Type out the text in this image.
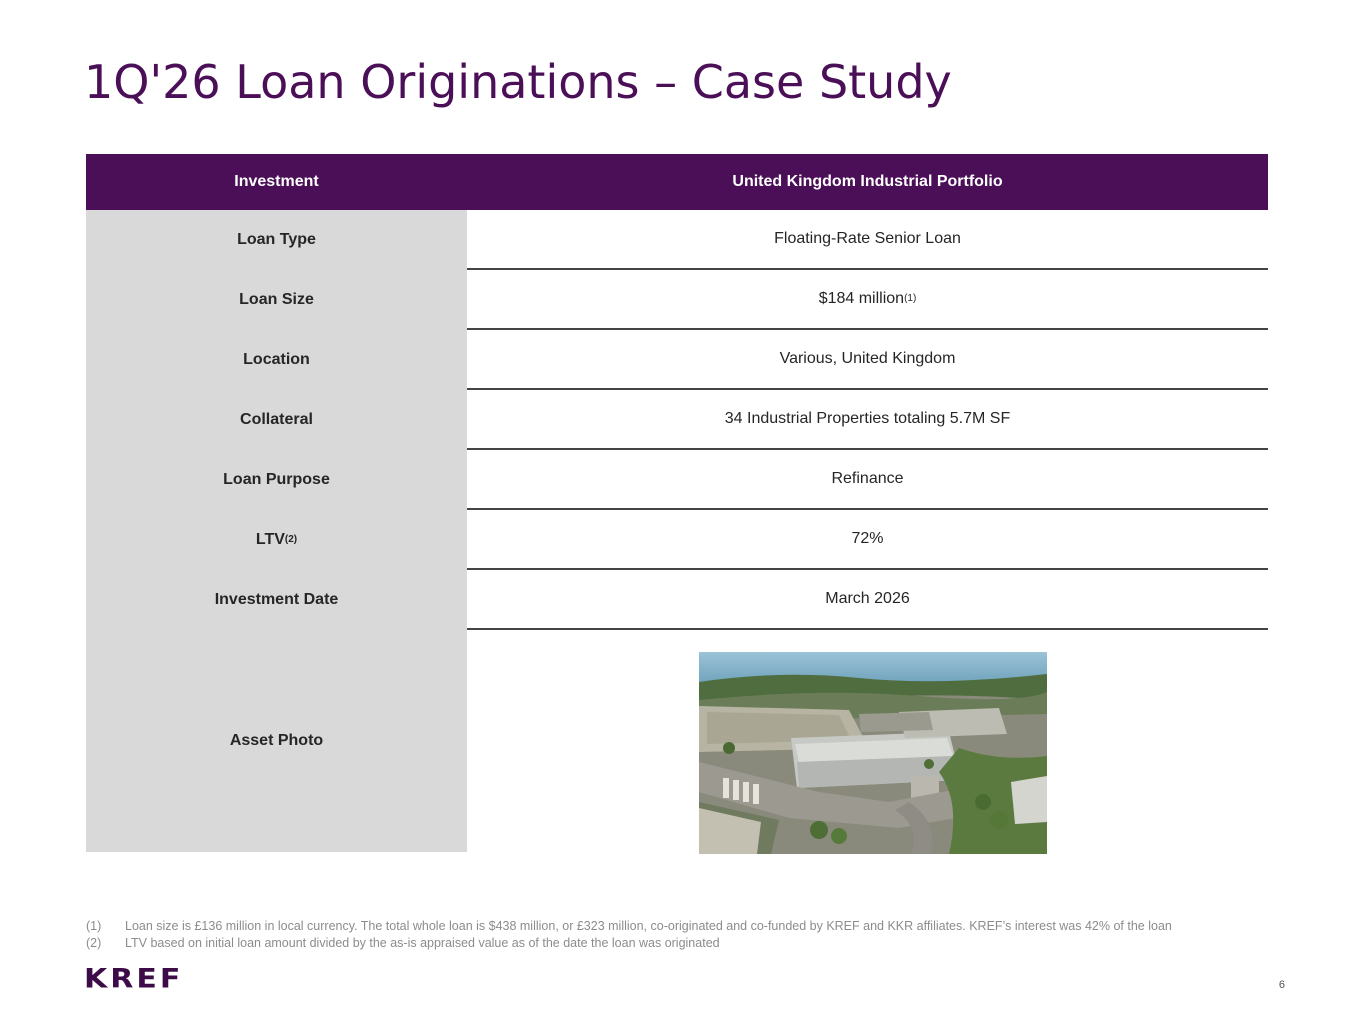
1Q'26 Loan Originations – Case Study
Investment	United Kingdom Industrial Portfolio
Loan Type	Floating-Rate Senior Loan
Loan Size	$184 million (1)
Location	Various, United Kingdom
Collateral	34 Industrial Properties totaling 5.7M SF
Loan Purpose	Refinance
LTV (2)	72%
Investment Date	March 2026
Asset Photo
(1)	Loan size is £136 million in local currency. The total whole loan is $438 million, or £323 million, co-originated and co-funded by KREF and KKR affiliates. KREF’s interest was 42% of the loan
(2)	LTV based on initial loan amount divided by the as-is appraised value as of the date the loan was originated
KREF	6
